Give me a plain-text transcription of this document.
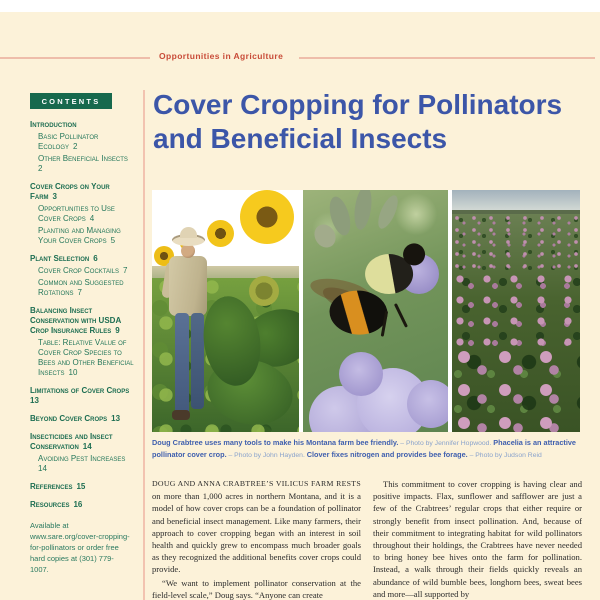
Opportunities in Agriculture
CONTENTS
Introduction
Basic Pollinator Ecology 2
Other Beneficial Insects 2
Cover Crops on Your Farm 3
Opportunities to Use Cover Crops 4
Planting and Managing Your Cover Crops 5
Plant Selection 6
Cover Crop Cocktails 7
Common and Suggested Rotations 7
Balancing Insect Conservation with USDA Crop Insurance Rules 9
Table: Relative Value of Cover Crop Species to Bees and Other Beneficial Insects 10
Limitations of Cover Crops 13
Beyond Cover Crops 13
Insecticides and Insect Conservation 14
Avoiding Pest Increases 14
References 15
Resources 16
Available at www.sare.org/cover-cropping-for-pollinators or order free hard copies at (301) 779-1007.
Cover Cropping for Pollinators and Beneficial Insects
Doug Crabtree uses many tools to make his Montana farm bee friendly. – Photo by Jennifer Hopwood. Phacelia is an attractive pollinator cover crop. – Photo by John Hayden. Clover fixes nitrogen and provides bee forage. – Photo by Judson Reid

DOUG AND ANNA CRABTREE’S VILICUS FARM RESTS on more than 1,000 acres in northern Montana, and it is a model of how cover crops can be a foundation of pollinator and beneficial insect management. Like many farmers, their approach to cover cropping began with an interest in soil health and quickly grew to encompass much broader goals as they recognized the additional benefits cover crops could provide.

“We want to implement pollinator conservation at the field-level scale,” Doug says. “Anyone can create

This commitment to cover cropping is having clear and positive impacts. Flax, sunflower and safflower are just a few of the Crabtrees’ regular crops that either require or strongly benefit from insect pollination. And, because of their commitment to integrating habitat for wild pollinators throughout their holdings, the Crabtrees have never needed to bring honey bee hives onto the farm for pollination. Instead, a walk through their fields quickly reveals an abundance of wild bumble bees, longhorn bees, sweat bees and more—all supported by
